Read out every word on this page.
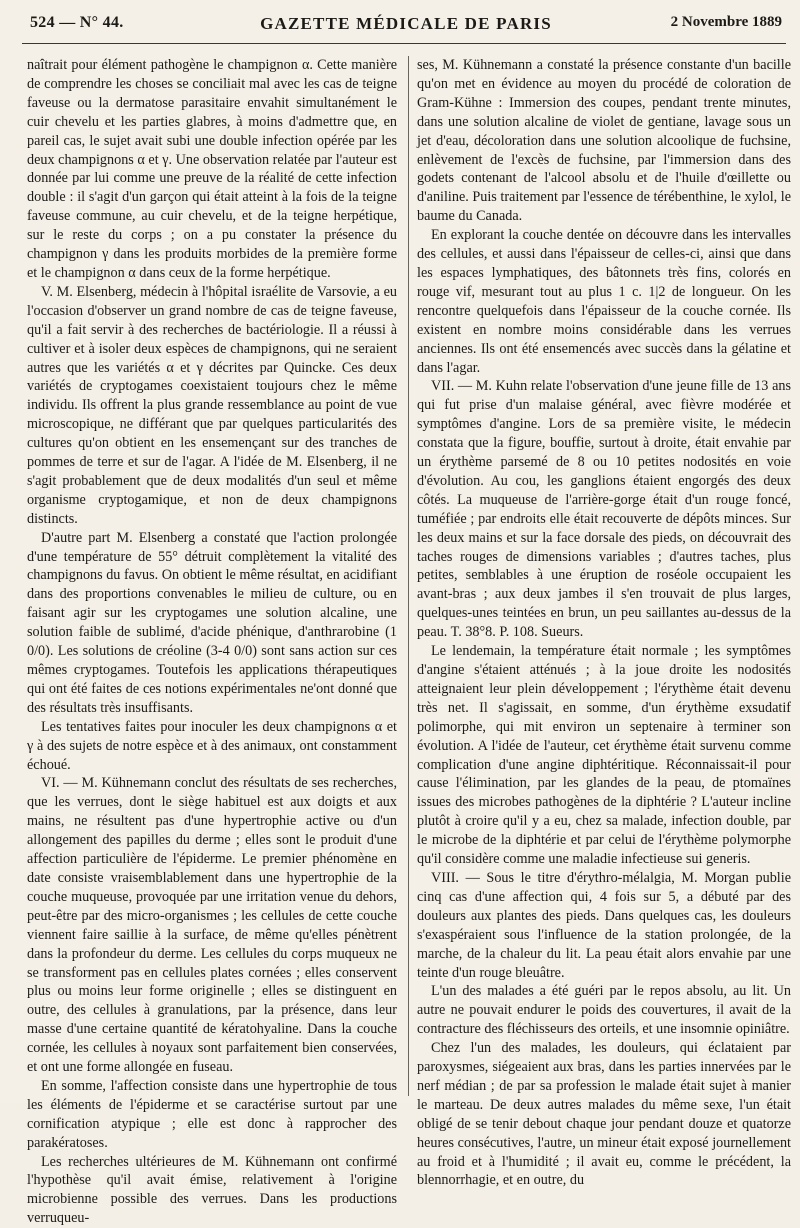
524 — N° 44.	GAZETTE MÉDICALE DE PARIS	2 Novembre 1889

naîtrait pour élément pathogène le champignon α. Cette manière de comprendre les choses se conciliait mal avec les cas de teigne faveuse ou la dermatose parasitaire envahit simultanément le cuir chevelu et les parties glabres, à moins d'admettre que, en pareil cas, le sujet avait subi une double infection opérée par les deux champignons α et γ. Une observation relatée par l'auteur est donnée par lui comme une preuve de la réalité de cette infection double : il s'agit d'un garçon qui était atteint à la fois de la teigne faveuse commune, au cuir chevelu, et de la teigne herpétique, sur le reste du corps ; on a pu constater la présence du champignon γ dans les produits morbides de la première forme et le champignon α dans ceux de la forme herpétique.

V. M. Elsenberg, médecin à l'hôpital israélite de Varsovie, a eu l'occasion d'observer un grand nombre de cas de teigne faveuse, qu'il a fait servir à des recherches de bactériologie. Il a réussi à cultiver et à isoler deux espèces de champignons, qui ne seraient autres que les variétés α et γ décrites par Quincke. Ces deux variétés de cryptogames coexistaient toujours chez le même individu. Ils offrent la plus grande ressemblance au point de vue microscopique, ne différant que par quelques particularités des cultures qu'on obtient en les ensemençant sur des tranches de pommes de terre et sur de l'agar. A l'idée de M. Elsenberg, il ne s'agit probablement que de deux modalités d'un seul et même organisme cryptogamique, et non de deux champignons distincts.

D'autre part M. Elsenberg a constaté que l'action prolongée d'une température de 55° détruit complètement la vitalité des champignons du favus. On obtient le même résultat, en acidifiant dans des proportions convenables le milieu de culture, ou en faisant agir sur les cryptogames une solution alcaline, une solution faible de sublimé, d'acide phénique, d'anthrarobine (1 0/0). Les solutions de créoline (3-4 0/0) sont sans action sur ces mêmes cryptogames. Toutefois les applications thérapeutiques qui ont été faites de ces notions expérimentales ne'ont donné que des résultats très insuffisants.

Les tentatives faites pour inoculer les deux champignons α et γ à des sujets de notre espèce et à des animaux, ont constamment échoué.

VI. — M. Kühnemann conclut des résultats de ses recherches, que les verrues, dont le siège habituel est aux doigts et aux mains, ne résultent pas d'une hypertrophie active ou d'un allongement des papilles du derme ; elles sont le produit d'une affection particulière de l'épiderme. Le premier phénomène en date consiste vraisemblablement dans une hypertrophie de la couche muqueuse, provoquée par une irritation venue du dehors, peut-être par des micro-organismes ; les cellules de cette couche viennent faire saillie à la surface, de même qu'elles pénètrent dans la profondeur du derme. Les cellules du corps muqueux ne se transforment pas en cellules plates cornées ; elles conservent plus ou moins leur forme originelle ; elles se distinguent en outre, des cellules à granulations, par la présence, dans leur masse d'une certaine quantité de kératohyaline. Dans la couche cornée, les cellules à noyaux sont parfaitement bien conservées, et ont une forme allongée en fuseau.

En somme, l'affection consiste dans une hypertrophie de tous les éléments de l'épiderme et se caractérise surtout par une cornification atypique ; elle est donc à rapprocher des parakératoses.

Les recherches ultérieures de M. Kühnemann ont confirmé l'hypothèse qu'il avait émise, relativement à l'origine microbienne possible des verrues. Dans les productions verruqueu-

ses, M. Kühnemann a constaté la présence constante d'un bacille qu'on met en évidence au moyen du procédé de coloration de Gram-Kühne : Immersion des coupes, pendant trente minutes, dans une solution alcaline de violet de gentiane, lavage sous un jet d'eau, décoloration dans une solution alcoolique de fuchsine, enlèvement de l'excès de fuchsine, par l'immersion dans des godets contenant de l'alcool absolu et de l'huile d'œillette ou d'aniline. Puis traitement par l'essence de térébenthine, le xylol, le baume du Canada.

En explorant la couche dentée on découvre dans les intervalles des cellules, et aussi dans l'épaisseur de celles-ci, ainsi que dans les espaces lymphatiques, des bâtonnets très fins, colorés en rouge vif, mesurant tout au plus 1 c. 1|2 de longueur. On les rencontre quelquefois dans l'épaisseur de la couche cornée. Ils existent en nombre moins considérable dans les verrues anciennes. Ils ont été ensemencés avec succès dans la gélatine et dans l'agar.

VII. — M. Kuhn relate l'observation d'une jeune fille de 13 ans qui fut prise d'un malaise général, avec fièvre modérée et symptômes d'angine. Lors de sa première visite, le médecin constata que la figure, bouffie, surtout à droite, était envahie par un érythème parsemé de 8 ou 10 petites nodosités en voie d'évolution. Au cou, les ganglions étaient engorgés des deux côtés. La muqueuse de l'arrière-gorge était d'un rouge foncé, tuméfiée ; par endroits elle était recouverte de dépôts minces. Sur les deux mains et sur la face dorsale des pieds, on découvrait des taches rouges de dimensions variables ; d'autres taches, plus petites, semblables à une éruption de roséole occupaient les avant-bras ; aux deux jambes il s'en trouvait de plus larges, quelques-unes teintées en brun, un peu saillantes au-dessus de la peau. T. 38°8. P. 108. Sueurs.

Le lendemain, la température était normale ; les symptômes d'angine s'étaient atténués ; à la joue droite les nodosités atteignaient leur plein développement ; l'érythème était devenu très net. Il s'agissait, en somme, d'un érythème exsudatif polimorphe, qui mit environ un septenaire à terminer son évolution. A l'idée de l'auteur, cet érythème était survenu comme complication d'une angine diphtéritique. Réconnaissait-il pour cause l'élimination, par les glandes de la peau, de ptomaïnes issues des microbes pathogènes de la diphtérie ? L'auteur incline plutôt à croire qu'il y a eu, chez sa malade, infection double, par le microbe de la diphtérie et par celui de l'érythème polymorphe qu'il considère comme une maladie infectieuse sui generis.

VIII. — Sous le titre d'érythro-mélalgia, M. Morgan publie cinq cas d'une affection qui, 4 fois sur 5, a débuté par des douleurs aux plantes des pieds. Dans quelques cas, les douleurs s'exaspéraient sous l'influence de la station prolongée, de la marche, de la chaleur du lit. La peau était alors envahie par une teinte d'un rouge bleuâtre.

L'un des malades a été guéri par le repos absolu, au lit. Un autre ne pouvait endurer le poids des couvertures, il avait de la contracture des fléchisseurs des orteils, et une insomnie opiniâtre.

Chez l'un des malades, les douleurs, qui éclataient par paroxysmes, siégeaient aux bras, dans les parties innervées par le nerf médian ; de par sa profession le malade était sujet à manier le marteau. De deux autres malades du même sexe, l'un était obligé de se tenir debout chaque jour pendant douze et quatorze heures consécutives, l'autre, un mineur était exposé journellement au froid et à l'humidité ; il avait eu, comme le précédent, la blennorrhagie, et en outre, du
